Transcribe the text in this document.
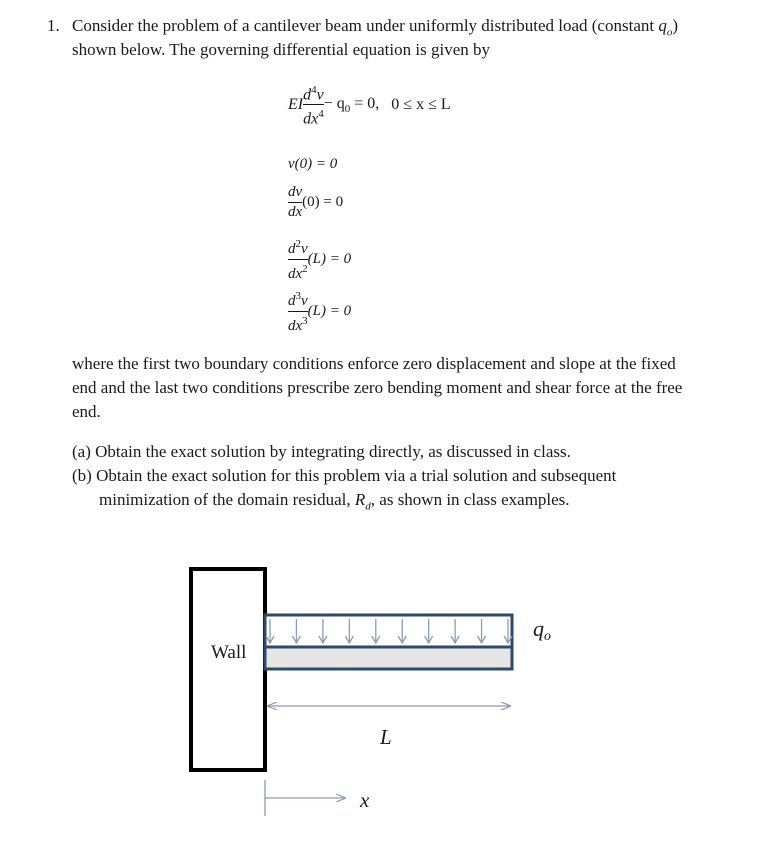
1. Consider the problem of a cantilever beam under uniformly distributed load (constant $q_o$)
shown below. The governing differential equation is given by
EI $\frac{d^4v}{dx^4} - q_0 = 0$, 0 ≤ x ≤ L
v(0) = 0
$\frac{dv}{dx} (0) = 0$
$\frac{d^2v}{dx^2} (L) = 0$
$\frac{d^3v}{dx^3} (L) = 0$
where the first two boundary conditions enforce zero displacement and slope at the fixed
end and the last two conditions prescribe zero bending moment and shear force at the free
end.
(a) Obtain the exact solution by integrating directly, as discussed in class.
(b) Obtain the exact solution for this problem via a trial solution and subsequent
minimization of the domain residual, $R_d$, as shown in class examples.
Wall
qo
L
x
